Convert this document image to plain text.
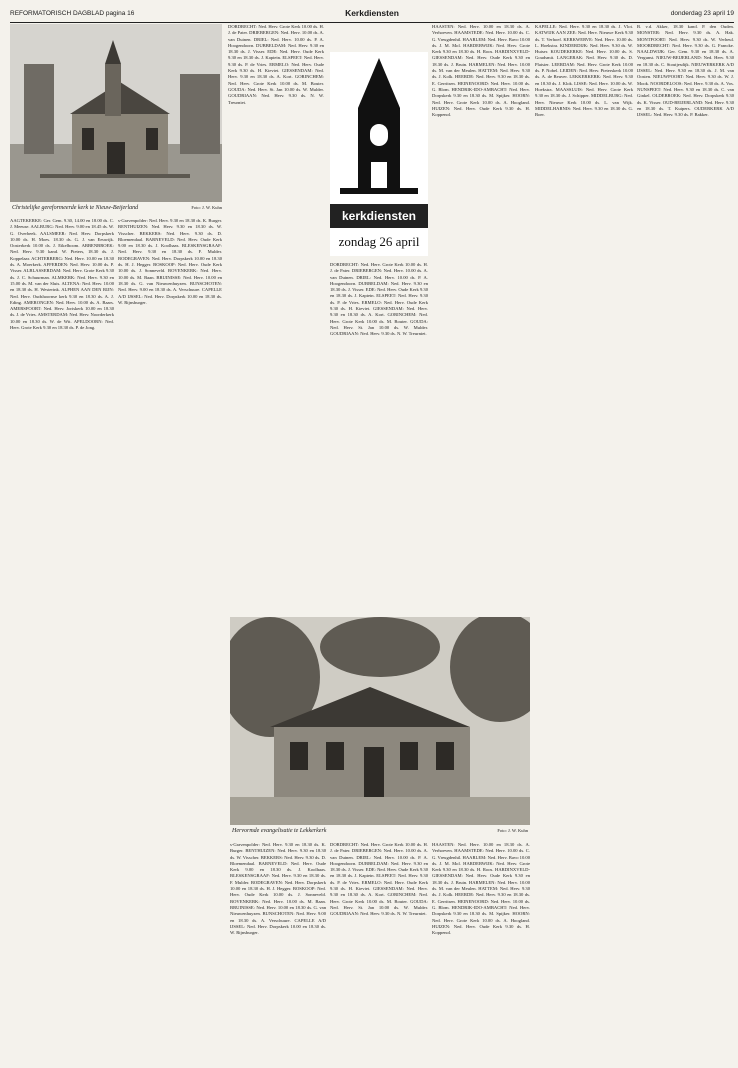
REFORMATORISCH DAGBLAD pagina 16	Kerkdiensten	donderdag 23 april 19
Christelijke gereformeerde kerk te Nieuw-Beijerland	Foto: J. W. Kuhn
kerkdiensten
zondag 26 april
Hervormde evangelisatie te Lekkerkerk	Foto: J. W. Kuhn

AAGTEKERKE: Ger. Gem. 9.30, 14.00 en 18.00 ds. C. J. Meeuse. AALBURG: Ned. Herv. 9.00 en 18.45 ds. W. G. Overbeek. AALSMEER: Ned. Herv. Dorpskerk 10.00 ds. H. Moes. 18.30 ds. G. J. van Eeuwijk. Oosterkerk 10.00 ds. J. Eikelboom. ABBENBROEK: Ned. Herv. 9.30 kand. W. Pieters, 18.30 ds. J. Koppelaar. ACHTERBERG: Ned. Herv. 10.00 en 18.30 ds. A. Moerkerk. AFFERDEN: Ned. Herv. 10.00 ds. P. Visser. ALBLASSERDAM: Ned. Herv. Grote Kerk 9.30 ds. J. C. Schuurman. ALMKERK: Ned. Herv. 9.30 en 15.00 ds. M. van der Sluis. ALTENA: Ned. Herv. 10.00 en 18.30 ds. H. Westerink. ALPHEN AAN DEN RIJN: Ned. Herv. Oudshoornse kerk 9.30 en 18.30 ds. A. J. Eding. AMERONGEN: Ned. Herv. 10.00 ds. A. Baars. AMERSFOORT: Ned. Herv. Joriskerk 10.00 en 18.30 ds. J. de Vries. AMSTERDAM: Ned. Herv. Noorderkerk 10.00 en 18.30 ds. W. de Wit. APELDOORN: Ned. Herv. Grote Kerk 9.30 en 18.30 ds. P. de Jong.

s-Gravenpolder: Ned. Herv. 9.30 en 18.30 ds. K. Burger. BENTHUIZEN: Ned. Herv. 9.30 en 18.30 ds. W. Visscher. BEKKERS: Ned. Herv. 9.30 ds. D. Bloemendaal. BARNEVELD: Ned. Herv. Oude Kerk 9.00 en 18.30 ds. J. Koolhaas. BLESKENSGRAAF: Ned. Herv. 9.30 en 18.30 ds. F. Mulder. BODEGRAVEN: Ned. Herv. Dorpskerk 10.00 en 18.30 ds. H. J. Hegger. BOSKOOP: Ned. Herv. Oude Kerk 10.00 ds. J. Sonneveld. BOVENKERK: Ned. Herv. 10.00 ds. M. Baan. BRUINISSE: Ned. Herv. 10.00 en 18.30 ds. G. van Nieuwenhuyzen. BUNSCHOTEN: Ned. Herv. 9.00 en 18.30 ds. A. Verschuure. CAPELLE A/D IJSSEL: Ned. Herv. Dorpskerk 10.00 en 18.30 ds. W. Rijnsburger.

DORDRECHT: Ned. Herv. Grote Kerk 10.00 ds. H. J. de Pater. DRIEBERGEN: Ned. Herv. 10.00 ds. A. van Duinen. DRIEL: Ned. Herv. 10.00 ds. P. A. Hoogendoorn. DUBBELDAM: Ned. Herv. 9.30 en 18.30 ds. J. Visser. EDE: Ned. Herv. Oude Kerk 9.30 en 18.30 ds. J. Kaptein. ELSPEET: Ned. Herv. 9.30 ds. P. de Vries. ERMELO: Ned. Herv. Oude Kerk 9.30 ds. H. Kieviet. GIESSENDAM: Ned. Herv. 9.30 en 18.30 ds. A. Kort. GORINCHEM: Ned. Herv. Grote Kerk 10.00 ds. M. Bouter. GOUDA: Ned. Herv. St. Jan 10.00 ds. W. Mulder. GOUDRIAAN: Ned. Herv. 9.30 ds. N. W. Treurniet.

DORDRECHT: Ned. Herv. Grote Kerk 10.00 ds. H. J. de Pater. DRIEBERGEN: Ned. Herv. 10.00 ds. A. van Duinen. DRIEL: Ned. Herv. 10.00 ds. P. A. Hoogendoorn. DUBBELDAM: Ned. Herv. 9.30 en 18.30 ds. J. Visser. EDE: Ned. Herv. Oude Kerk 9.30 en 18.30 ds. J. Kaptein. ELSPEET: Ned. Herv. 9.30 ds. P. de Vries. ERMELO: Ned. Herv. Oude Kerk 9.30 ds. H. Kieviet. GIESSENDAM: Ned. Herv. 9.30 en 18.30 ds. A. Kort. GORINCHEM: Ned. Herv. Grote Kerk 10.00 ds. M. Bouter. GOUDA: Ned. Herv. St. Jan 10.00 ds. W. Mulder. GOUDRIAAN: Ned. Herv. 9.30 ds. N. W. Treurniet.

HAASTEN: Ned. Herv. 10.00 en 18.30 ds. A. Verhoeven. HAAMSTEDE: Ned. Herv. 10.00 ds. C. G. Vreugdenhil. HAARLEM: Ned. Herv. Bavo 10.00 ds. J. M. Mol. HARDERWIJK: Ned. Herv. Grote Kerk 9.30 en 18.30 ds. H. Roos. HARDINXVELD-GIESSENDAM: Ned. Herv. Oude Kerk 9.30 en 18.30 ds. J. Bruin. HARMELEN: Ned. Herv. 10.00 ds. M. van der Meulen. HATTEM: Ned. Herv. 9.30 ds. J. Kolk. HEERDE: Ned. Herv. 9.30 en 18.30 ds. E. Gerritsen. HEINENOORD: Ned. Herv. 10.00 ds. G. Blom. HENDRIK-IDO-AMBACHT: Ned. Herv. Dorpskerk 9.30 en 18.30 ds. M. Spijker. HOORN: Ned. Herv. Grote Kerk 10.00 ds. A. Hoogland. HUIZEN: Ned. Herv. Oude Kerk 9.30 ds. H. Koppenol.

KAPELLE: Ned. Herv. 9.30 en 18.30 ds. J. Vlot. KATWIJK AAN ZEE: Ned. Herv. Nieuwe Kerk 9.30 ds. T. Verhoef. KERKWERVE: Ned. Herv. 10.00 ds. L. Hoekstra. KINDERDIJK: Ned. Herv. 9.30 ds. W. Huiser. KOUDEKERKE: Ned. Herv. 10.00 ds. S. Goudsmit. LANGERAK: Ned. Herv. 9.30 ds. D. Plaisier. LEERDAM: Ned. Herv. Grote Kerk 10.00 ds. P. Nobel. LEIDEN: Ned. Herv. Pieterskerk 10.00 ds. A. de Reuver. LEKKERKERK: Ned. Herv. 9.30 en 18.30 ds. J. Klok. LISSE: Ned. Herv. 10.00 ds. W. Hoekstra. MAASSLUIS: Ned. Herv. Grote Kerk 9.30 en 18.30 ds. J. Schipper. MIDDELBURG: Ned. Herv. Nieuwe Kerk 10.00 ds. L. van Wijk. MIDDELHARNIS: Ned. Herv. 9.30 en 18.30 ds. G. Boer.

B. v.d. Akker, 18.30 kand. P. den Ouden. MONSTER: Ned. Herv. 9.30 ds. A. Hak. MONTFOORT: Ned. Herv. 9.30 ds. W. Verheul. MOORDRECHT: Ned. Herv. 9.30 ds. G. Francke. NAALDWIJK: Ger. Gem. 9.30 en 18.30 ds. A. Vergunst. NIEUW-BEIJERLAND: Ned. Herv. 9.30 en 18.30 ds. C. Stoutjesdijk. NIEUWERKERK A/D IJSSEL: Ned. Herv. 9.30 en 18.30 ds. J. M. van Oosten. NIEUWPOORT: Ned. Herv. 9.30 ds. W. J. Mook. NOORDELOOS: Ned. Herv. 9.30 ds. A. Vos. NUNSPEET: Ned. Herv. 9.30 en 18.30 ds. C. van Ginkel. OLDEBROEK: Ned. Herv. Dorpskerk 9.30 ds. K. Visser. OUD-BEIJERLAND: Ned. Herv. 9.30 en 18.30 ds. T. Kuipers. OUDERKERK A/D IJSSEL: Ned. Herv. 9.30 ds. P. Bakker.

s-Gravenpolder: Ned. Herv. 9.30 en 18.30 ds. K. Burger. BENTHUIZEN: Ned. Herv. 9.30 en 18.30 ds. W. Visscher. BEKKERS: Ned. Herv. 9.30 ds. D. Bloemendaal. BARNEVELD: Ned. Herv. Oude Kerk 9.00 en 18.30 ds. J. Koolhaas. BLESKENSGRAAF: Ned. Herv. 9.30 en 18.30 ds. F. Mulder. BODEGRAVEN: Ned. Herv. Dorpskerk 10.00 en 18.30 ds. H. J. Hegger. BOSKOOP: Ned. Herv. Oude Kerk 10.00 ds. J. Sonneveld. BOVENKERK: Ned. Herv. 10.00 ds. M. Baan. BRUINISSE: Ned. Herv. 10.00 en 18.30 ds. G. van Nieuwenhuyzen. BUNSCHOTEN: Ned. Herv. 9.00 en 18.30 ds. A. Verschuure. CAPELLE A/D IJSSEL: Ned. Herv. Dorpskerk 10.00 en 18.30 ds. W. Rijnsburger.

DORDRECHT: Ned. Herv. Grote Kerk 10.00 ds. H. J. de Pater. DRIEBERGEN: Ned. Herv. 10.00 ds. A. van Duinen. DRIEL: Ned. Herv. 10.00 ds. P. A. Hoogendoorn. DUBBELDAM: Ned. Herv. 9.30 en 18.30 ds. J. Visser. EDE: Ned. Herv. Oude Kerk 9.30 en 18.30 ds. J. Kaptein. ELSPEET: Ned. Herv. 9.30 ds. P. de Vries. ERMELO: Ned. Herv. Oude Kerk 9.30 ds. H. Kieviet. GIESSENDAM: Ned. Herv. 9.30 en 18.30 ds. A. Kort. GORINCHEM: Ned. Herv. Grote Kerk 10.00 ds. M. Bouter. GOUDA: Ned. Herv. St. Jan 10.00 ds. W. Mulder. GOUDRIAAN: Ned. Herv. 9.30 ds. N. W. Treurniet.

HAASTEN: Ned. Herv. 10.00 en 18.30 ds. A. Verhoeven. HAAMSTEDE: Ned. Herv. 10.00 ds. C. G. Vreugdenhil. HAARLEM: Ned. Herv. Bavo 10.00 ds. J. M. Mol. HARDERWIJK: Ned. Herv. Grote Kerk 9.30 en 18.30 ds. H. Roos. HARDINXVELD-GIESSENDAM: Ned. Herv. Oude Kerk 9.30 en 18.30 ds. J. Bruin. HARMELEN: Ned. Herv. 10.00 ds. M. van der Meulen. HATTEM: Ned. Herv. 9.30 ds. J. Kolk. HEERDE: Ned. Herv. 9.30 en 18.30 ds. E. Gerritsen. HEINENOORD: Ned. Herv. 10.00 ds. G. Blom. HENDRIK-IDO-AMBACHT: Ned. Herv. Dorpskerk 9.30 en 18.30 ds. M. Spijker. HOORN: Ned. Herv. Grote Kerk 10.00 ds. A. Hoogland. HUIZEN: Ned. Herv. Oude Kerk 9.30 ds. H. Koppenol.
